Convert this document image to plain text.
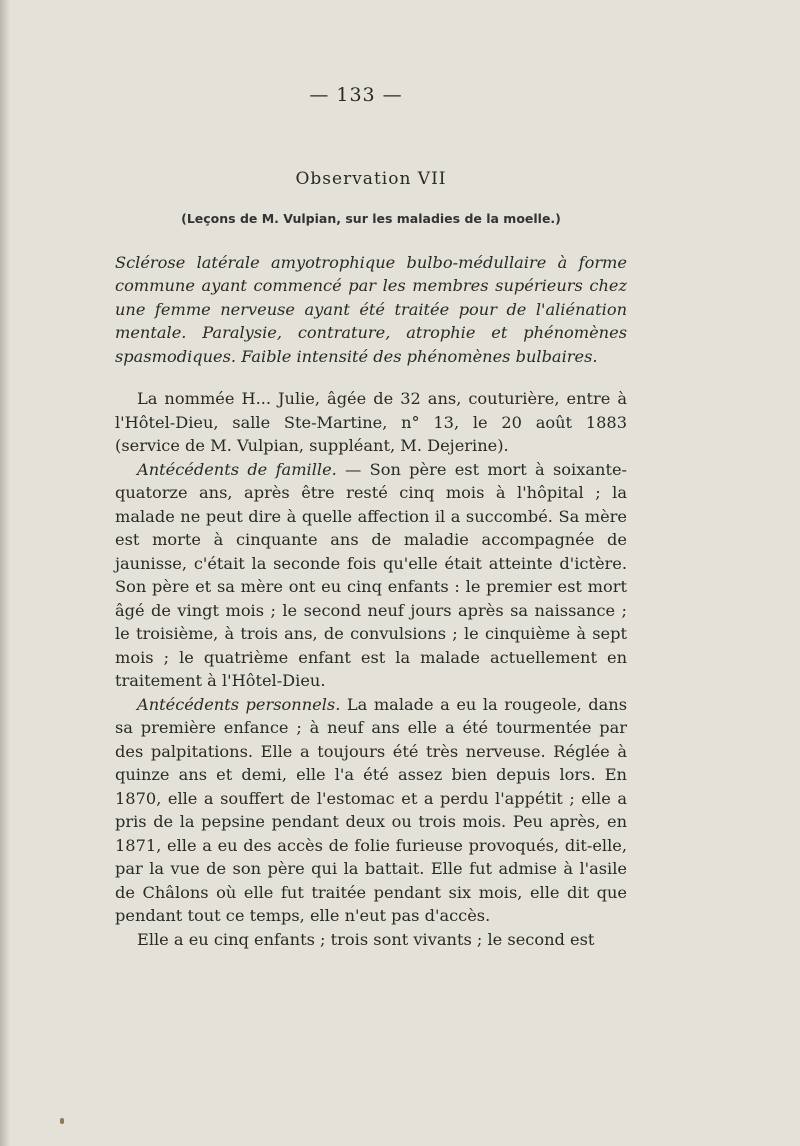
— 133 —
Observation VII
(Leçons de M. Vulpian, sur les maladies de la moelle.)
Sclérose latérale amyotrophique bulbo-médullaire à forme commune ayant commencé par les membres supérieurs chez une femme nerveuse ayant été traitée pour de l'aliénation mentale. Paralysie, contrature, atrophie et phénomènes spasmodiques. Faible intensité des phénomènes bulbaires.

La nommée H... Julie, âgée de 32 ans, couturière, entre à l'Hôtel-Dieu, salle Ste-Martine, n° 13, le 20 août 1883 (service de M. Vulpian, suppléant, M. Dejerine).

Antécédents de famille. — Son père est mort à soixante-quatorze ans, après être resté cinq mois à l'hôpital ; la malade ne peut dire à quelle affection il a succombé. Sa mère est morte à cinquante ans de maladie accompagnée de jaunisse, c'était la seconde fois qu'elle était atteinte d'ictère. Son père et sa mère ont eu cinq enfants : le premier est mort âgé de vingt mois ; le second neuf jours après sa naissance ; le troisième, à trois ans, de convulsions ; le cinquième à sept mois ; le quatrième enfant est la malade actuellement en traitement à l'Hôtel-Dieu.

Antécédents personnels. La malade a eu la rougeole, dans sa première enfance ; à neuf ans elle a été tourmentée par des palpitations. Elle a toujours été très nerveuse. Réglée à quinze ans et demi, elle l'a été assez bien depuis lors. En 1870, elle a souffert de l'estomac et a perdu l'appétit ; elle a pris de la pepsine pendant deux ou trois mois. Peu après, en 1871, elle a eu des accès de folie furieuse provoqués, dit-elle, par la vue de son père qui la battait. Elle fut admise à l'asile de Châlons où elle fut traitée pendant six mois, elle dit que pendant tout ce temps, elle n'eut pas d'accès.

Elle a eu cinq enfants ; trois sont vivants ; le second est
